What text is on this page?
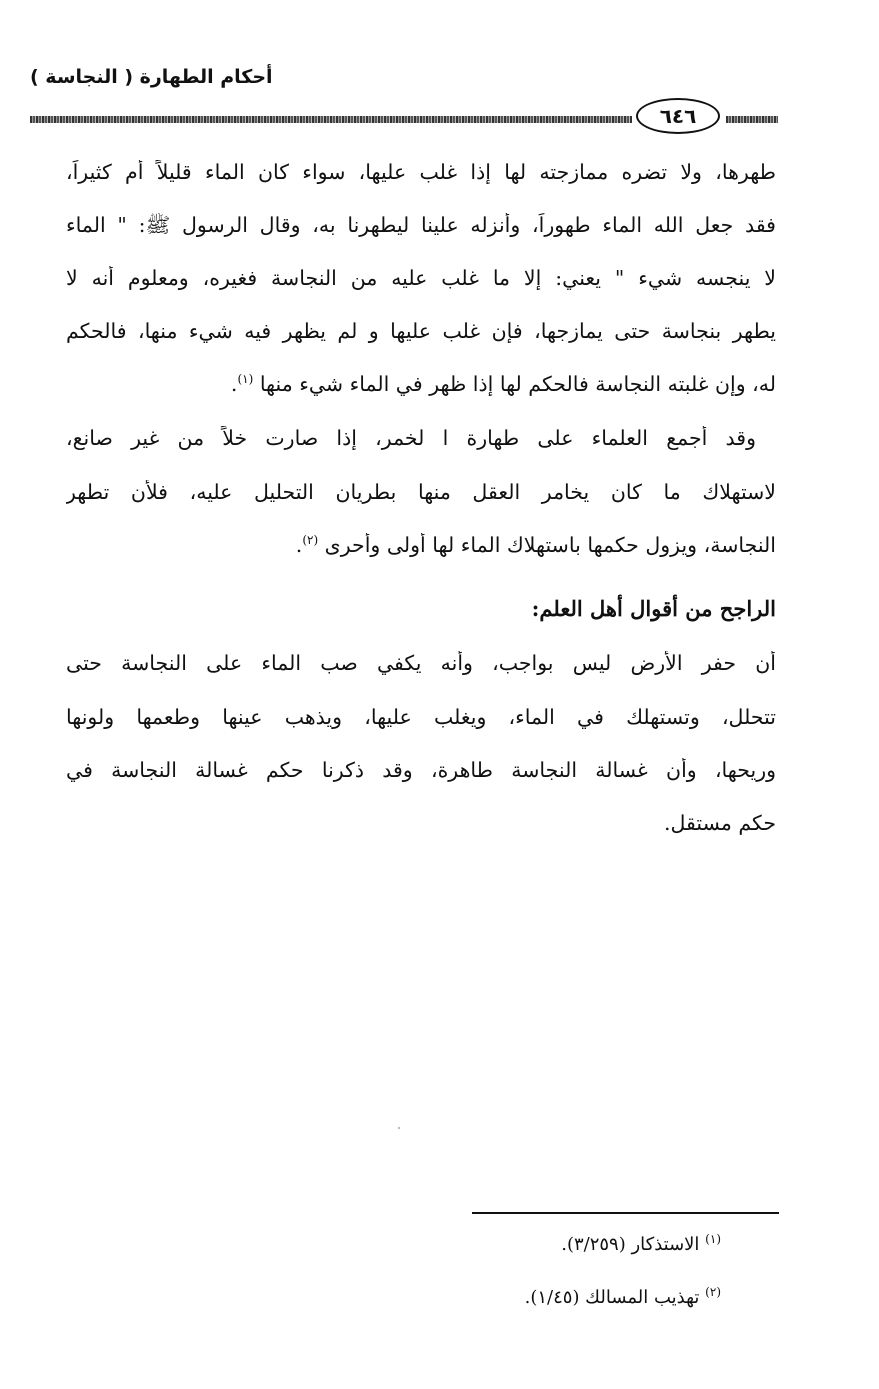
أحكام الطهارة ( النجاسة )
٦٤٦
طهرها، ولا تضره ممازجته لها إذا غلب عليها، سواء كان الماء قليلاً أم كثيراً،
فقد جعل الله الماء طهوراً، وأنزله علينا ليطهرنا به، وقال الرسول ﷺ: " الماء
لا ينجسه شيء " يعني: إلا ما غلب عليه من النجاسة فغيره، ومعلوم أنه لا
يطهر بنجاسة حتى يمازجها، فإن غلب عليها و لم يظهر فيه شيء منها، فالحكم
له، وإن غلبته النجاسة فالحكم لها إذا ظهر في الماء شيء منها $^{(١)}$.
وقد أجمع العلماء على طهارة ا لخمر، إذا صارت خلاً من غير صانع،
لاستهلاك ما كان يخامر العقل منها بطريان التحليل عليه، فلأن تطهر
النجاسة، ويزول حكمها باستهلاك الماء لها أولى وأحرى $^{(٢)}$.
أن حفر الأرض ليس بواجب، وأنه يكفي صب الماء على النجاسة حتى
تتحلل، وتستهلك في الماء، ويغلب عليها، ويذهب عينها وطعمها ولونها
وريحها، وأن غسالة النجاسة طاهرة، وقد ذكرنا حكم غسالة النجاسة في
حكم مستقل.
الراجح من أقوال أهل العلم:
$^{(١)}$ الاستذكار (٣/٢٥٩).
$^{(٢)}$ تهذيب المسالك (١/٤٥).
